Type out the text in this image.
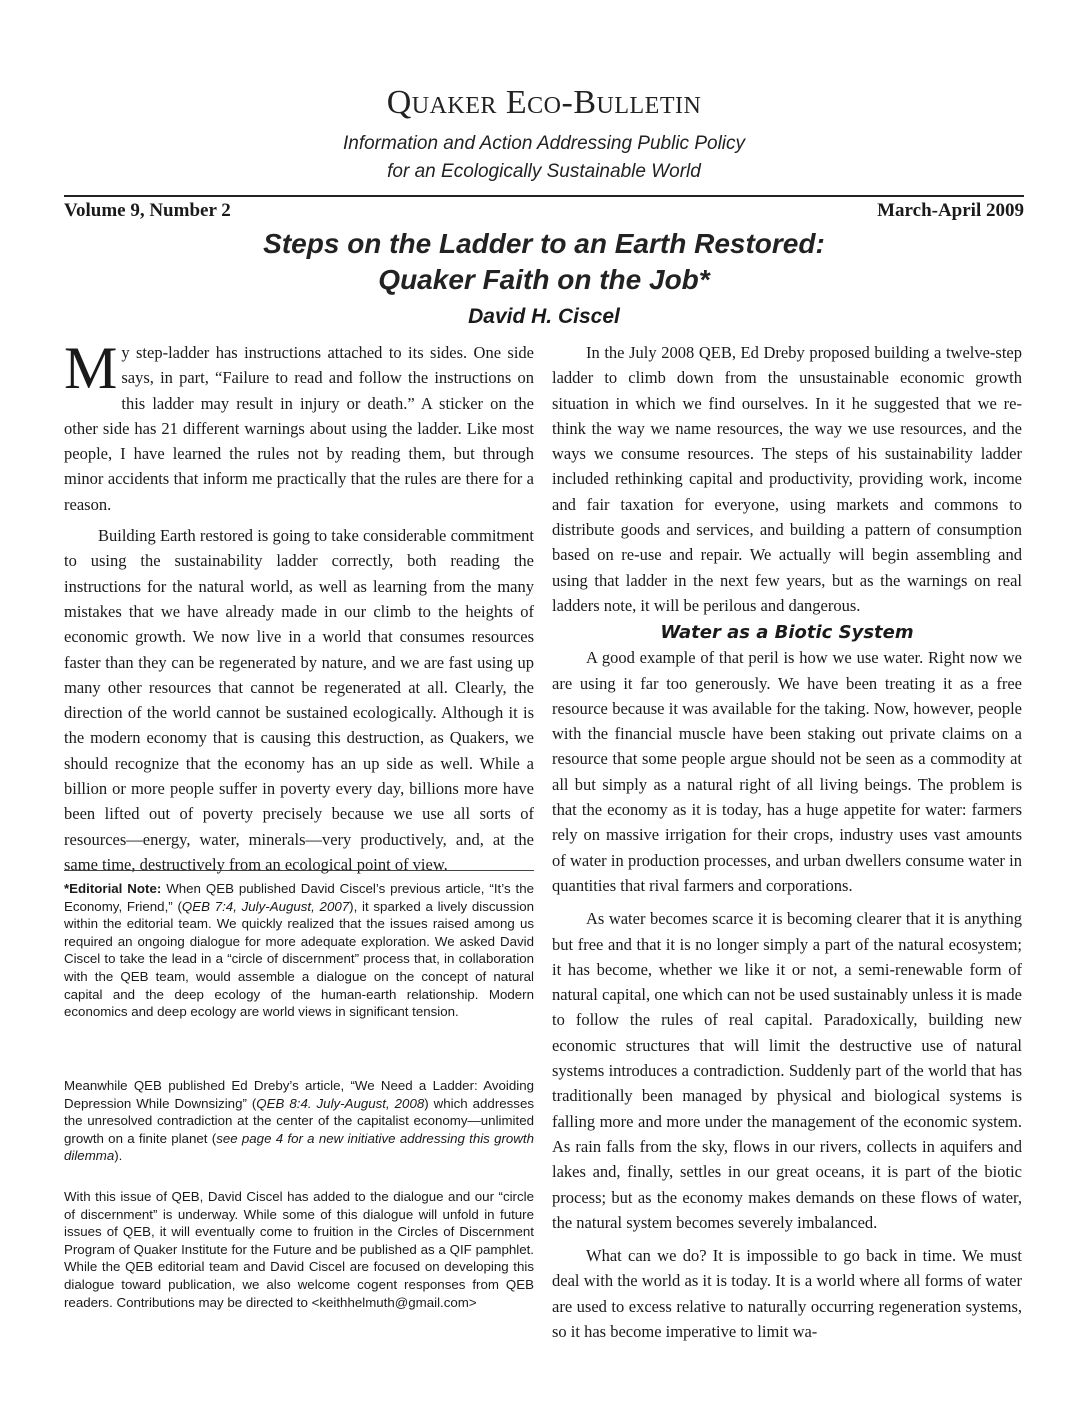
Quaker Eco-Bulletin
Information and Action Addressing Public Policy
for an Ecologically Sustainable World
Volume 9, Number 2	March-April 2009
Steps on the Ladder to an Earth Restored:
Quaker Faith on the Job*
David H. Ciscel

My step-ladder has instructions attached to its sides. One side says, in part, “Failure to read and follow the instructions on this ladder may result in injury or death.” A sticker on the other side has 21 different warnings about using the ladder. Like most people, I have learned the rules not by reading them, but through minor accidents that inform me practically that the rules are there for a reason.

Building Earth restored is going to take considerable commitment to using the sustainability ladder correctly, both reading the instructions for the natural world, as well as learning from the many mistakes that we have already made in our climb to the heights of economic growth. We now live in a world that consumes resources faster than they can be regenerated by nature, and we are fast using up many other resources that cannot be regenerated at all. Clearly, the direction of the world cannot be sustained ecologically. Although it is the modern economy that is causing this destruction, as Quakers, we should recognize that the economy has an up side as well. While a billion or more people suffer in poverty every day, billions more have been lifted out of poverty precisely because we use all sorts of resources—energy, water, minerals—very productively, and, at the same time, destructively from an ecological point of view.

*Editorial Note: When QEB published David Ciscel’s previous article, “It’s the Economy, Friend,” (QEB 7:4, July-August, 2007), it sparked a lively discussion within the editorial team. We quickly realized that the issues raised among us required an ongoing dialogue for more adequate exploration. We asked David Ciscel to take the lead in a “circle of discernment” process that, in collaboration with the QEB team, would assemble a dialogue on the concept of natural capital and the deep ecology of the human-earth relationship. Modern economics and deep ecology are world views in significant tension.

Meanwhile QEB published Ed Dreby’s article, “We Need a Ladder: Avoiding Depression While Downsizing” (QEB 8:4. July-August, 2008) which addresses the unresolved contradiction at the center of the capitalist economy—unlimited growth on a finite planet (see page 4 for a new initiative addressing this growth dilemma).

With this issue of QEB, David Ciscel has added to the dialogue and our “circle of discernment” is underway. While some of this dialogue will unfold in future issues of QEB, it will eventually come to fruition in the Circles of Discernment Program of Quaker Institute for the Future and be published as a QIF pamphlet. While the QEB editorial team and David Ciscel are focused on developing this dialogue toward publication, we also welcome cogent responses from QEB readers. Contributions may be directed to <keithhelmuth@gmail.com>

In the July 2008 QEB, Ed Dreby proposed building a twelve-step ladder to climb down from the unsustainable economic growth situation in which we find ourselves. In it he suggested that we re-think the way we name resources, the way we use resources, and the ways we consume resources. The steps of his sustainability ladder included rethinking capital and productivity, providing work, income and fair taxation for everyone, using markets and commons to distribute goods and services, and building a pattern of consumption based on re-use and repair. We actually will begin assembling and using that ladder in the next few years, but as the warnings on real ladders note, it will be perilous and dangerous.

Water as a Biotic System

A good example of that peril is how we use water. Right now we are using it far too generously. We have been treating it as a free resource because it was available for the taking. Now, however, people with the financial muscle have been staking out private claims on a resource that some people argue should not be seen as a commodity at all but simply as a natural right of all living beings. The problem is that the economy as it is today, has a huge appetite for water: farmers rely on massive irrigation for their crops, industry uses vast amounts of water in production processes, and urban dwellers consume water in quantities that rival farmers and corporations.

As water becomes scarce it is becoming clearer that it is anything but free and that it is no longer simply a part of the natural ecosystem; it has become, whether we like it or not, a semi-renewable form of natural capital, one which can not be used sustainably unless it is made to follow the rules of real capital. Paradoxically, building new economic structures that will limit the destructive use of natural systems introduces a contradiction. Suddenly part of the world that has traditionally been managed by physical and biological systems is falling more and more under the management of the economic system. As rain falls from the sky, flows in our rivers, collects in aquifers and lakes and, finally, settles in our great oceans, it is part of the biotic process; but as the economy makes demands on these flows of water, the natural system becomes severely imbalanced.

What can we do? It is impossible to go back in time. We must deal with the world as it is today. It is a world where all forms of water are used to excess relative to naturally occurring regeneration systems, so it has become imperative to limit wa-
